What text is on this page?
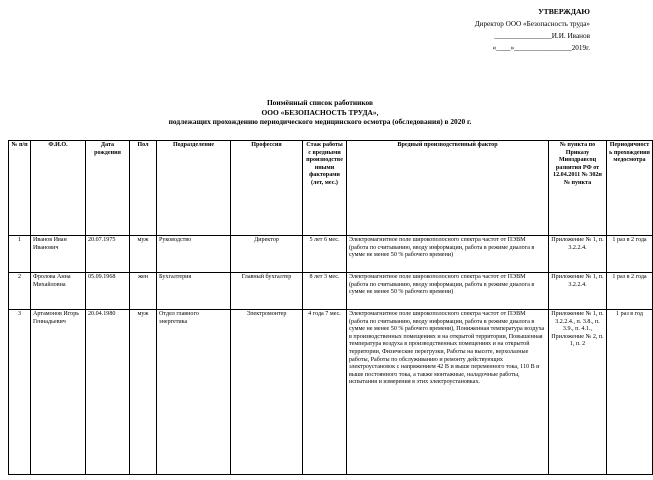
УТВЕРЖДАЮ
Директор ООО «Безопасность труда»
________________И.И. Иванов
«____»________________2019г.
Поимённый список работников
ООО «БЕЗОПАСНОСТЬ ТРУДА»,
подлежащих прохождению периодического медицинского осмотра (обследования) в 2020 г.
№ п/п	Ф.И.О.	Дата рождения	Пол	Подразделение	Профессия	Стаж работы с вредными производственными факторами (лет, мес.)	Вредный производственный фактор	№ пункта по Приказу Минздравсоц развития РФ от 12.04.2011 № 302н № пункта	Периодичность прохождения медосмотра
1	Иванов Иван Иванович	20.07.1975	муж	Руководство	Директор	5 лет 6 мес.	Электромагнитное поле широкополосного спектра частот от ПЭВМ (работа по считыванию, вводу информации, работа в режиме диалога в сумме не менее 50 % рабочего времени)	Приложение № 1, п. 3.2.2.4.	1 раз в 2 года
2	Фролова Анна Михайловна	05.09.1968	жен	Бухгалтерия	Главный бухгалтер	8 лет 3 мес.	Электромагнитное поле широкополосного спектра частот от ПЭВМ (работа по считыванию, вводу информации, работа в режиме диалога в сумме не менее 50 % рабочего времени)	Приложение № 1, п. 3.2.2.4.	1 раз в 2 года
3	Артамонов Игорь Геннадьевич	20.04.1980	муж	Отдел главного энергетика	Электромонтер	4 года 7 мес.	Электромагнитное поле широкополосного спектра частот от ПЭВМ (работа по считыванию, вводу информации, работа в режиме диалога в сумме не менее 50 % рабочего времени), Пониженная температура воздуха в производственных помещениях и на открытой территории, Повышенная температура воздуха в производственных помещениях и на открытой территории, Физические перегрузки, Работы на высоте, верхолазные работы, Работы по обслуживанию и ремонту действующих электроустановок с напряжением 42 В и выше переменного тока, 110 В и выше постоянного тока, а также монтажные, наладочные работы, испытания и измерения в этих электроустановках.	Приложение № 1, п. 3.2.2.4., п. 3.8., п. 3.9., п. 4.1., Приложение № 2, п. 1, п. 2	1 раз в год
